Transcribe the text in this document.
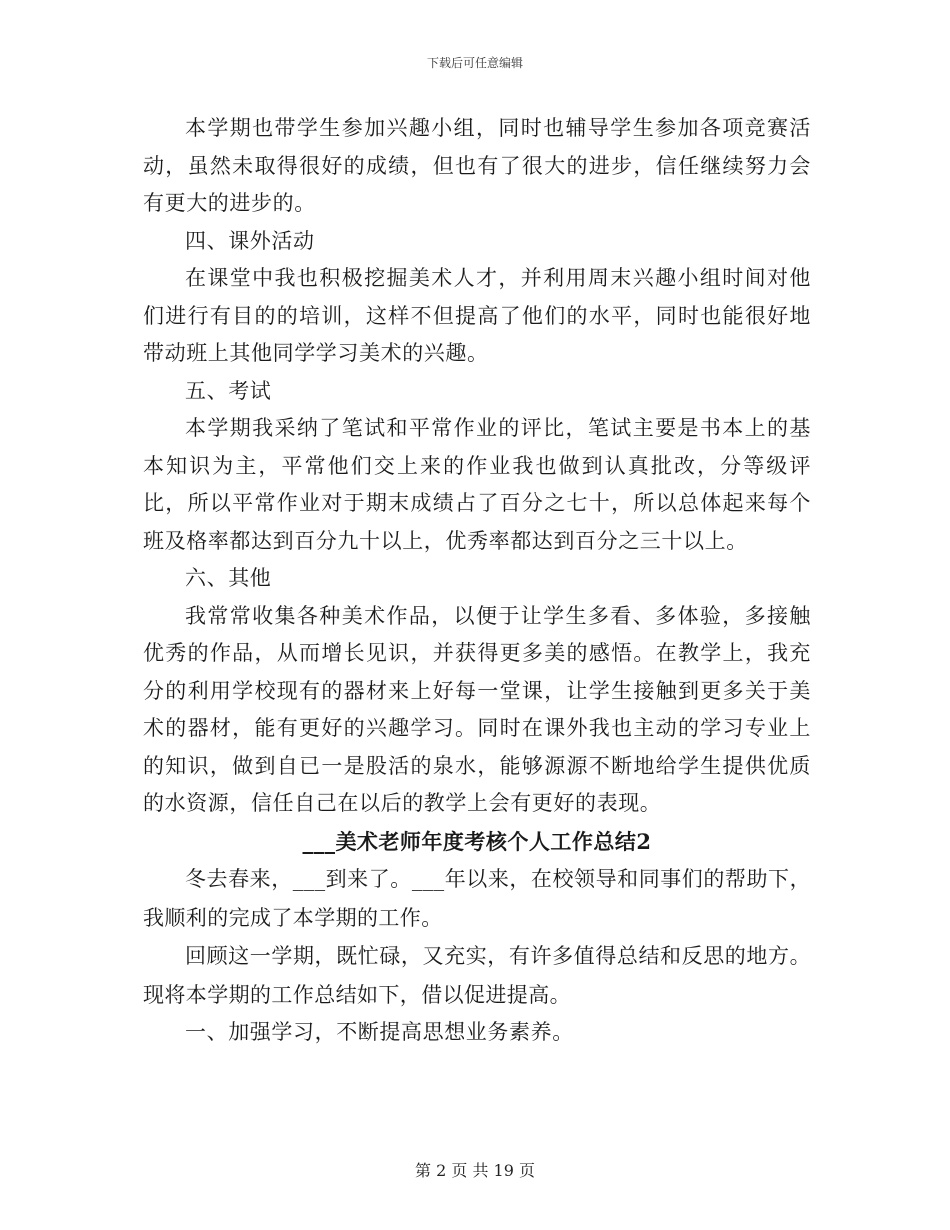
下载后可任意编辑

本学期也带学生参加兴趣小组，同时也辅导学生参加各项竞赛活动，虽然未取得很好的成绩，但也有了很大的进步，信任继续努力会有更大的进步的。

四、课外活动

在课堂中我也积极挖掘美术人才，并利用周末兴趣小组时间对他们进行有目的的培训，这样不但提高了他们的水平，同时也能很好地带动班上其他同学学习美术的兴趣。

五、考试

本学期我采纳了笔试和平常作业的评比，笔试主要是书本上的基本知识为主，平常他们交上来的作业我也做到认真批改，分等级评比，所以平常作业对于期末成绩占了百分之七十，所以总体起来每个班及格率都达到百分九十以上，优秀率都达到百分之三十以上。

六、其他

我常常收集各种美术作品，以便于让学生多看、多体验，多接触优秀的作品，从而增长见识，并获得更多美的感悟。在教学上，我充分的利用学校现有的器材来上好每一堂课，让学生接触到更多关于美术的器材，能有更好的兴趣学习。同时在课外我也主动的学习专业上的知识，做到自已一是股活的泉水，能够源源不断地给学生提供优质的水资源，信任自己在以后的教学上会有更好的表现。

___美术老师年度考核个人工作总结2

冬去春来，___到来了。___年以来，在校领导和同事们的帮助下，我顺利的完成了本学期的工作。

回顾这一学期，既忙碌，又充实，有许多值得总结和反思的地方。现将本学期的工作总结如下，借以促进提高。

一、加强学习，不断提高思想业务素养。

第 2 页 共 19 页
